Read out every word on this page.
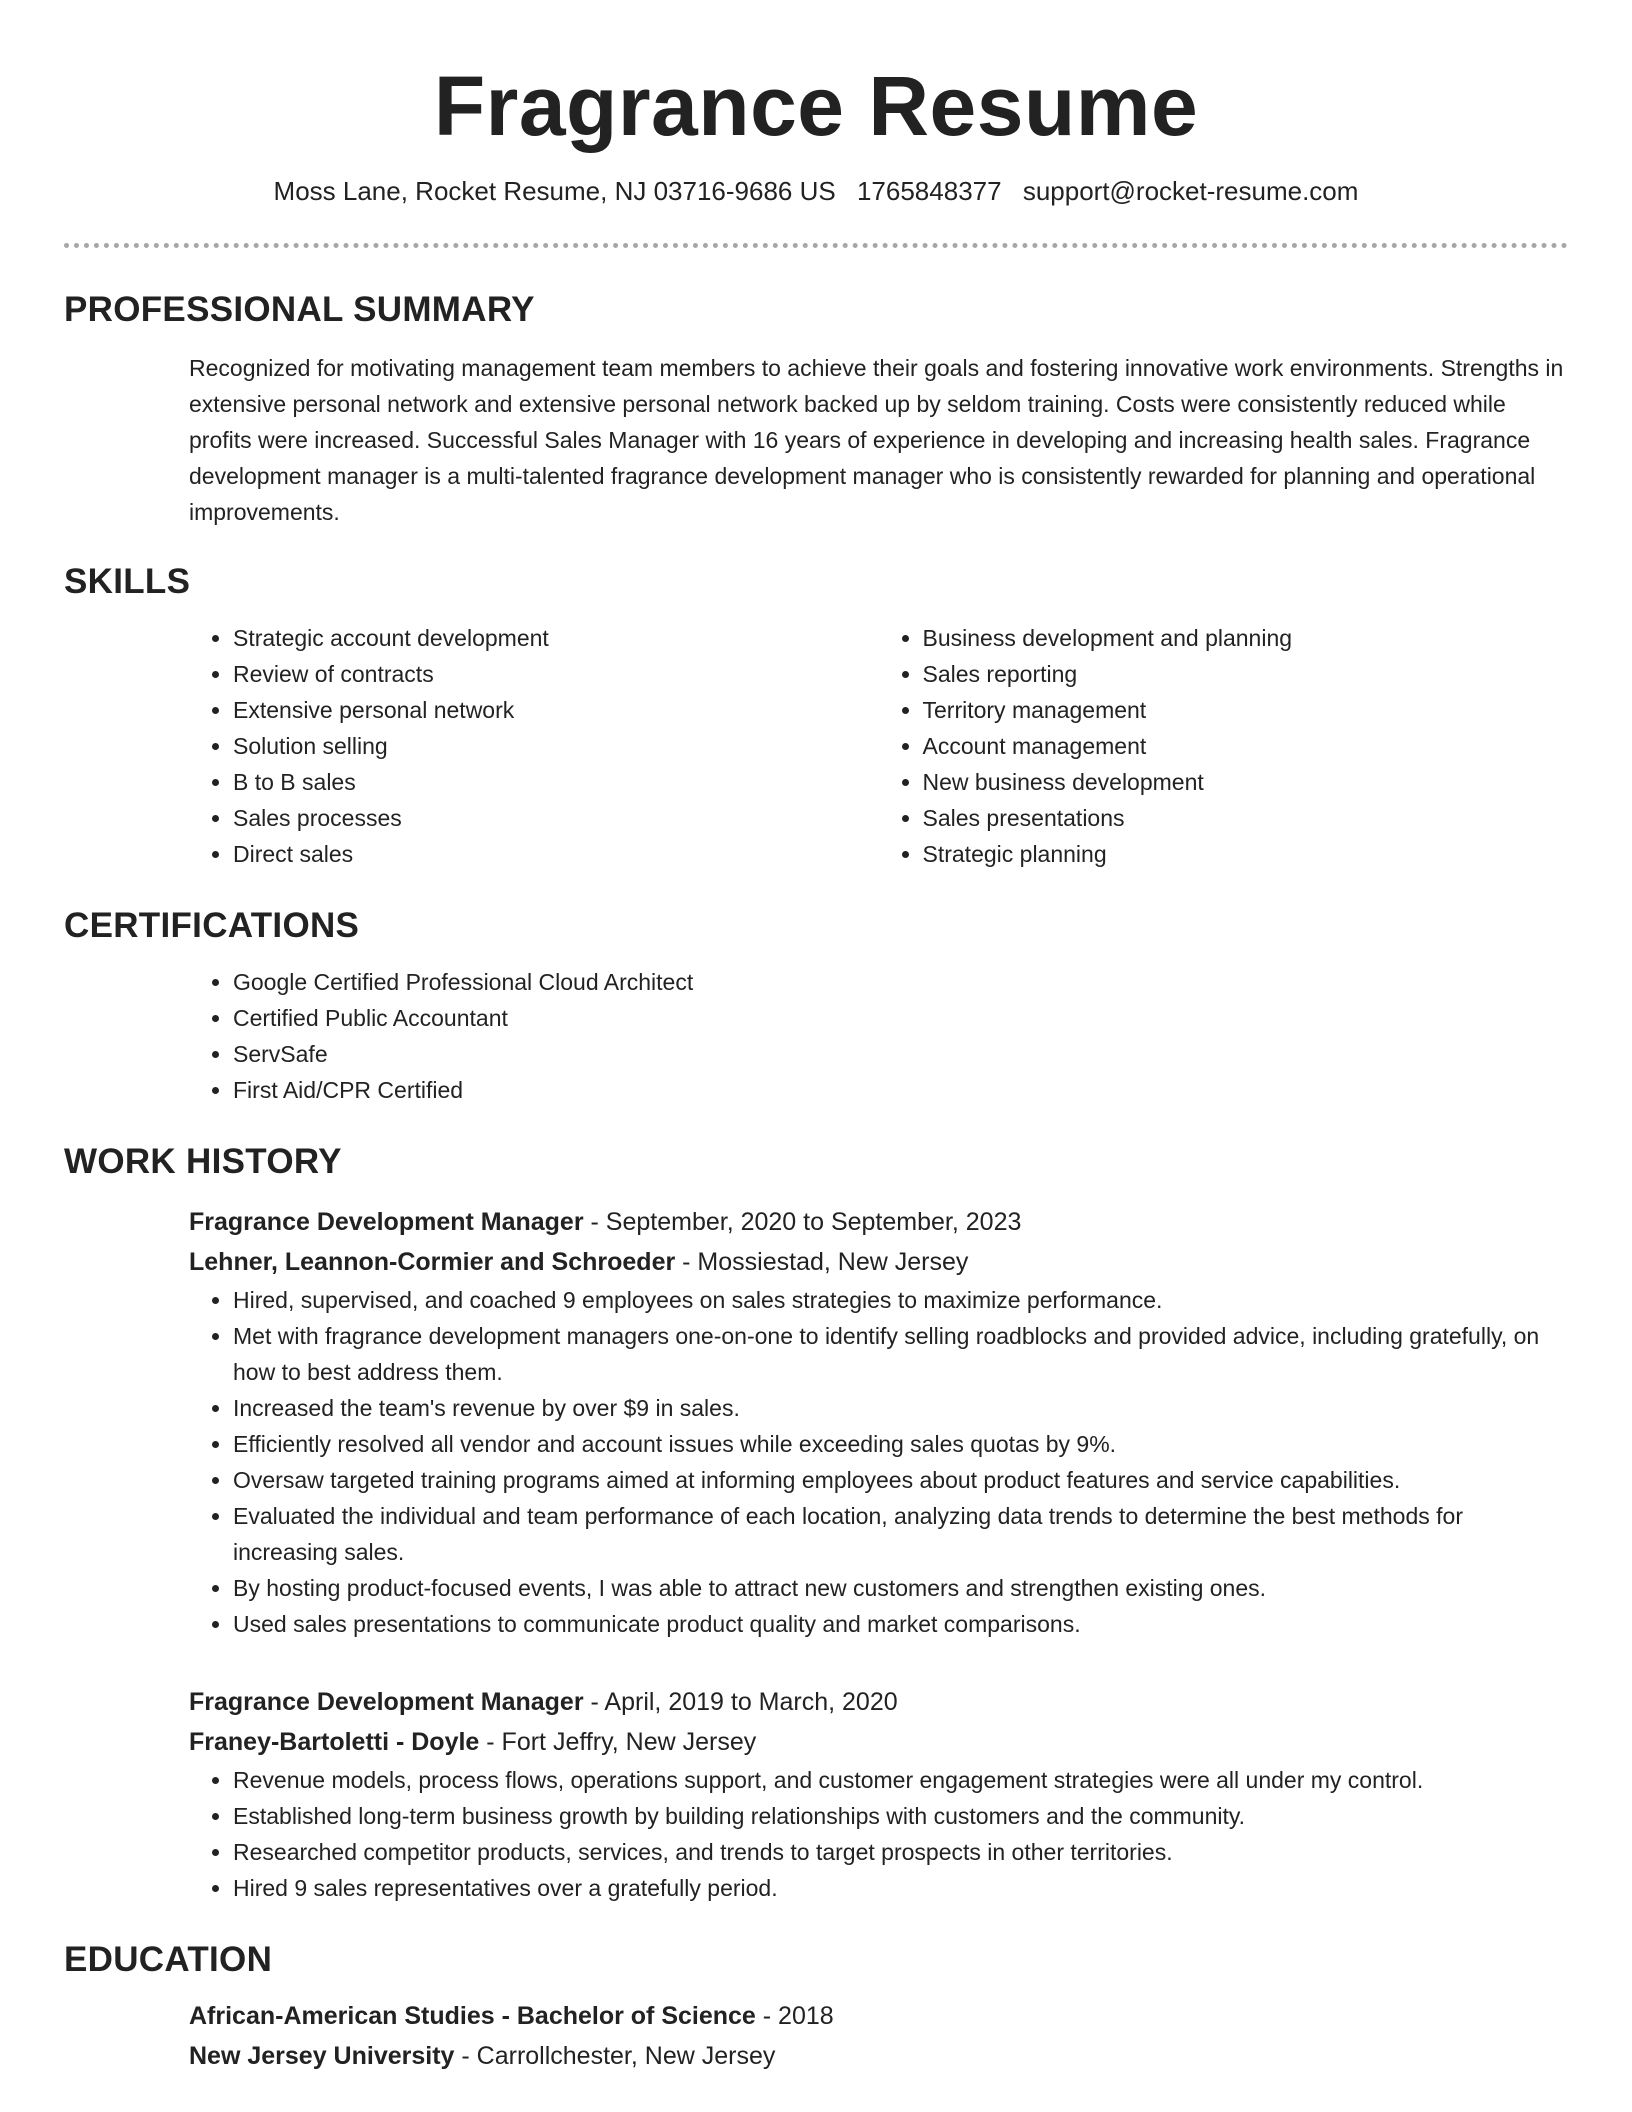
Fragrance Resume
Moss Lane, Rocket Resume, NJ 03716-9686 US 1765848377 support@rocket-resume.com
PROFESSIONAL SUMMARY

Recognized for motivating management team members to achieve their goals and fostering innovative work environments. Strengths in extensive personal network and extensive personal network backed up by seldom training. Costs were consistently reduced while profits were increased. Successful Sales Manager with 16 years of experience in developing and increasing health sales. Fragrance development manager is a multi-talented fragrance development manager who is consistently rewarded for planning and operational improvements.

SKILLS
• Strategic account development
• Review of contracts
• Extensive personal network
• Solution selling
• B to B sales
• Sales processes
• Direct sales
• Business development and planning
• Sales reporting
• Territory management
• Account management
• New business development
• Sales presentations
• Strategic planning
CERTIFICATIONS
• Google Certified Professional Cloud Architect
• Certified Public Accountant
• ServSafe
• First Aid/CPR Certified
WORK HISTORY
Fragrance Development Manager - September, 2020 to September, 2023
Lehner, Leannon-Cormier and Schroeder - Mossiestad, New Jersey
• Hired, supervised, and coached 9 employees on sales strategies to maximize performance.
• Met with fragrance development managers one-on-one to identify selling roadblocks and provided advice, including gratefully, on how to best address them.
• Increased the team's revenue by over $9 in sales.
• Efficiently resolved all vendor and account issues while exceeding sales quotas by 9%.
• Oversaw targeted training programs aimed at informing employees about product features and service capabilities.
• Evaluated the individual and team performance of each location, analyzing data trends to determine the best methods for increasing sales.
• By hosting product-focused events, I was able to attract new customers and strengthen existing ones.
• Used sales presentations to communicate product quality and market comparisons.
Fragrance Development Manager - April, 2019 to March, 2020
Franey-Bartoletti - Doyle - Fort Jeffry, New Jersey
• Revenue models, process flows, operations support, and customer engagement strategies were all under my control.
• Established long-term business growth by building relationships with customers and the community.
• Researched competitor products, services, and trends to target prospects in other territories.
• Hired 9 sales representatives over a gratefully period.
EDUCATION
African-American Studies - Bachelor of Science - 2018
New Jersey University - Carrollchester, New Jersey
